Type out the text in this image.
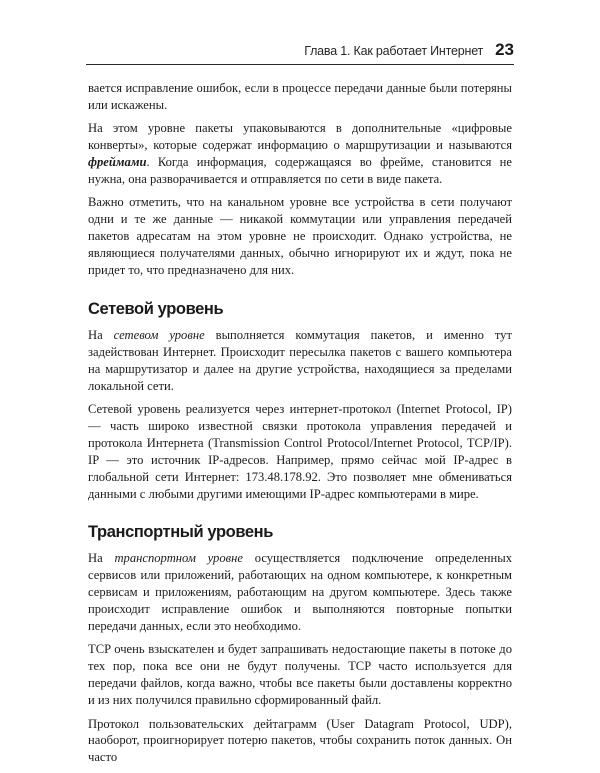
Глава 1. Как работает Интернет 23

вается исправление ошибок, если в процессе передачи данные были потеряны или искажены.

На этом уровне пакеты упаковываются в дополнительные «цифровые конверты», которые содержат информацию о маршрутизации и называются фреймами. Когда информация, содержащаяся во фрейме, становится не нужна, она разворачивается и отправляется по сети в виде пакета.

Важно отметить, что на канальном уровне все устройства в сети получают одни и те же данные — никакой коммутации или управления передачей пакетов адресатам на этом уровне не происходит. Однако устройства, не являющиеся получателями данных, обычно игнорируют их и ждут, пока не придет то, что предназначено для них.

Сетевой уровень

На сетевом уровне выполняется коммутация пакетов, и именно тут задействован Интернет. Происходит пересылка пакетов с вашего компьютера на маршрутизатор и далее на другие устройства, находящиеся за пределами локальной сети.

Сетевой уровень реализуется через интернет-протокол (Internet Protocol, IP) — часть широко известной связки протокола управления передачей и протокола Интернета (Transmission Control Protocol/Internet Protocol, TCP/IP). IP — это источник IP-адресов. Например, прямо сейчас мой IP-адрес в глобальной сети Интернет: 173.48.178.92. Это позволяет мне обмениваться данными с любыми другими имеющими IP-адрес компьютерами в мире.

Транспортный уровень

На транспортном уровне осуществляется подключение определенных сервисов или приложений, работающих на одном компьютере, к конкретным сервисам и приложениям, работающим на другом компьютере. Здесь также происходит исправление ошибок и выполняются повторные попытки передачи данных, если это необходимо.

TCP очень взыскателен и будет запрашивать недостающие пакеты в потоке до тех пор, пока все они не будут получены. TCP часто используется для передачи файлов, когда важно, чтобы все пакеты были доставлены корректно и из них получился правильно сформированный файл.

Протокол пользовательских дейтаграмм (User Datagram Protocol, UDP), наоборот, проигнорирует потерю пакетов, чтобы сохранить поток данных. Он часто
